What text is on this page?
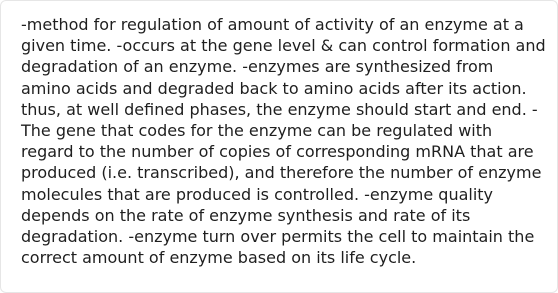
-method for regulation of amount of activity of an enzyme at a given time. -occurs at the gene level & can control formation and degradation of an enzyme. -enzymes are synthesized from amino acids and degraded back to amino acids after its action. thus, at well defined phases, the enzyme should start and end. -The gene that codes for the enzyme can be regulated with regard to the number of copies of corresponding mRNA that are produced (i.e. transcribed), and therefore the number of enzyme molecules that are produced is controlled. -enzyme quality depends on the rate of enzyme synthesis and rate of its degradation. -enzyme turn over permits the cell to maintain the correct amount of enzyme based on its life cycle.
